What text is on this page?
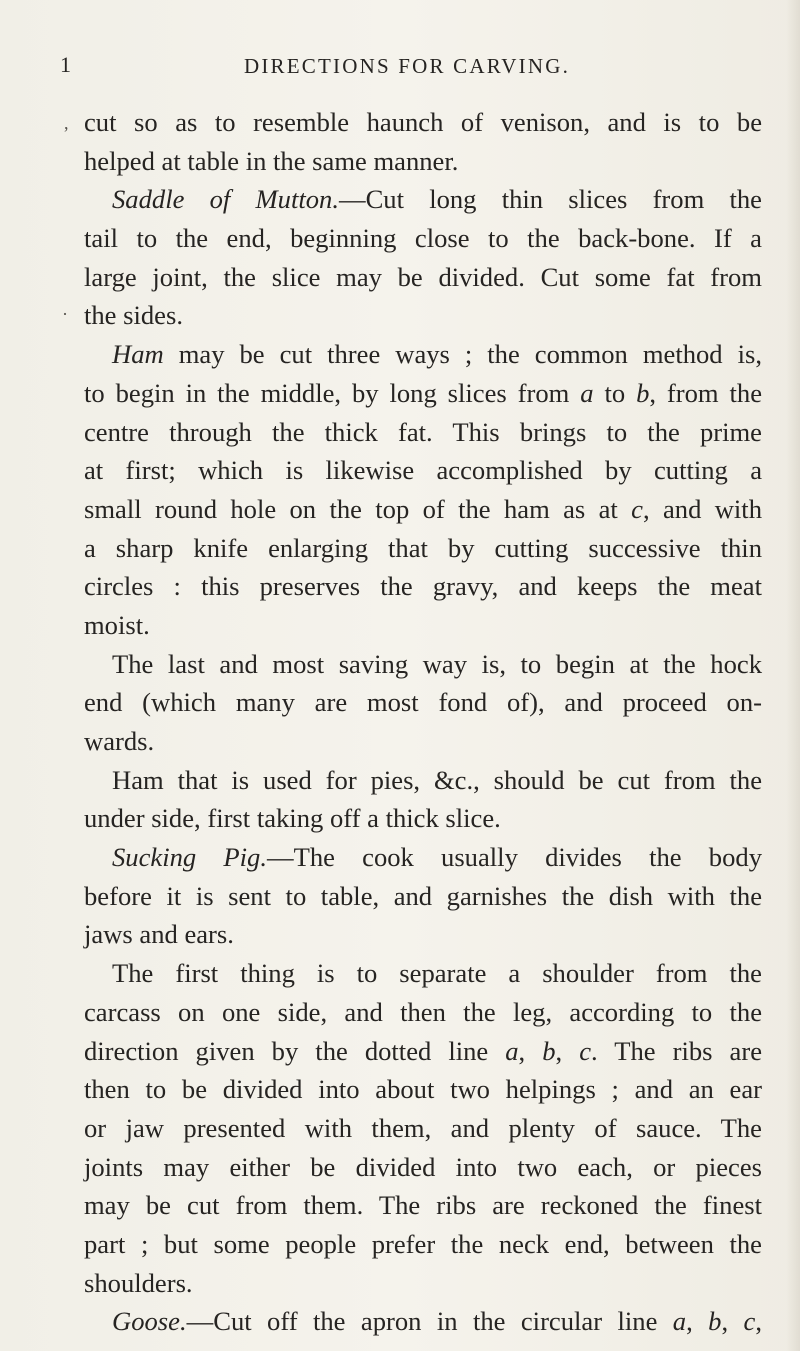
1	DIRECTIONS FOR CARVING.
,
·
cut so as to resemble haunch of venison, and is to be
helped at table in the same manner.
Saddle of Mutton.—Cut long thin slices from the
tail to the end, beginning close to the back-bone. If a
large joint, the slice may be divided. Cut some fat from
the sides.
Ham may be cut three ways ; the common method is,
to begin in the middle, by long slices from a to b, from the
centre through the thick fat. This brings to the prime
at first; which is likewise accomplished by cutting a
small round hole on the top of the ham as at c, and with
a sharp knife enlarging that by cutting successive thin
circles : this preserves the gravy, and keeps the meat
moist.
The last and most saving way is, to begin at the hock
end (which many are most fond of), and proceed on-
wards.
Ham that is used for pies, &c., should be cut from the
under side, first taking off a thick slice.
Sucking Pig.—The cook usually divides the body
before it is sent to table, and garnishes the dish with the
jaws and ears.
The first thing is to separate a shoulder from the
carcass on one side, and then the leg, according to the
direction given by the dotted line a, b, c. The ribs are
then to be divided into about two helpings ; and an ear
or jaw presented with them, and plenty of sauce. The
joints may either be divided into two each, or pieces
may be cut from them. The ribs are reckoned the finest
part ; but some people prefer the neck end, between the
shoulders.
Goose.—Cut off the apron in the circular line a, b, c,
